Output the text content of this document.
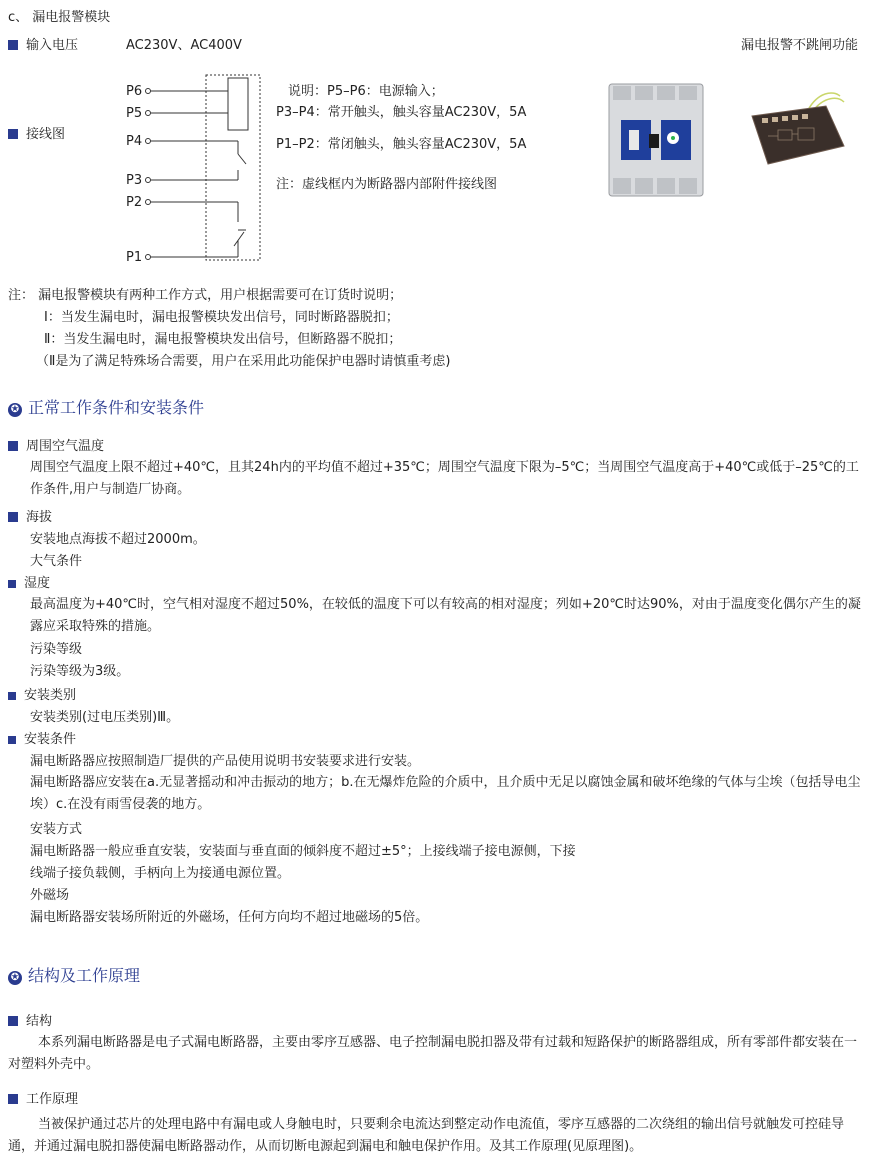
c、 漏电报警模块
输入电压	AC230V、AC400V	漏电报警不跳闸功能
接线图
P6
P5
P4
P3
P2
P1
说明：P5–P6：电源输入；
P3–P4：常开触头，触头容量AC230V，5A
P1–P2：常闭触头，触头容量AC230V，5A
注：虚线框内为断路器内部附件接线图
注： 漏电报警模块有两种工作方式，用户根据需要可在订货时说明；
Ⅰ：当发生漏电时，漏电报警模块发出信号，同时断路器脱扣；
Ⅱ：当发生漏电时，漏电报警模块发出信号，但断路器不脱扣；
（Ⅱ是为了满足特殊场合需要，用户在采用此功能保护电器时请慎重考虑)
✪ 正常工作条件和安装条件
周围空气温度
周围空气温度上限不超过+40℃，且其24h内的平均值不超过+35℃；周围空气温度下限为–5℃；当周围空气温度高于+40℃或低于–25℃的工作条件,用户与制造厂协商。
海拔
安装地点海拔不超过2000m。
大气条件
湿度
最高温度为+40℃时，空气相对湿度不超过50%，在较低的温度下可以有较高的相对湿度；列如+20℃时达90%，对由于温度变化偶尔产生的凝露应采取特殊的措施。
污染等级
污染等级为3级。
安装类别
安装类别(过电压类别)Ⅲ。
安装条件
漏电断路器应按照制造厂提供的产品使用说明书安装要求进行安装。
漏电断路器应安装在a.无显著摇动和冲击振动的地方；b.在无爆炸危险的介质中，且介质中无足以腐蚀金属和破坏绝缘的气体与尘埃（包括导电尘埃）c.在没有雨雪侵袭的地方。
安装方式
漏电断路器一般应垂直安装，安装面与垂直面的倾斜度不超过±5°；上接线端子接电源侧，下接
线端子接负载侧，手柄向上为接通电源位置。
外磁场
漏电断路器安装场所附近的外磁场，任何方向均不超过地磁场的5倍。
✪ 结构及工作原理
结构
本系列漏电断路器是电子式漏电断路器，主要由零序互感器、电子控制漏电脱扣器及带有过载和短路保护的断路器组成，所有零部件都安装在一对塑料外壳中。
工作原理
当被保护通过芯片的处理电路中有漏电或人身触电时，只要剩余电流达到整定动作电流值，零序互感器的二次绕组的输出信号就触发可控硅导通，并通过漏电脱扣器使漏电断路器动作，从而切断电源起到漏电和触电保护作用。及其工作原理(见原理图)。
